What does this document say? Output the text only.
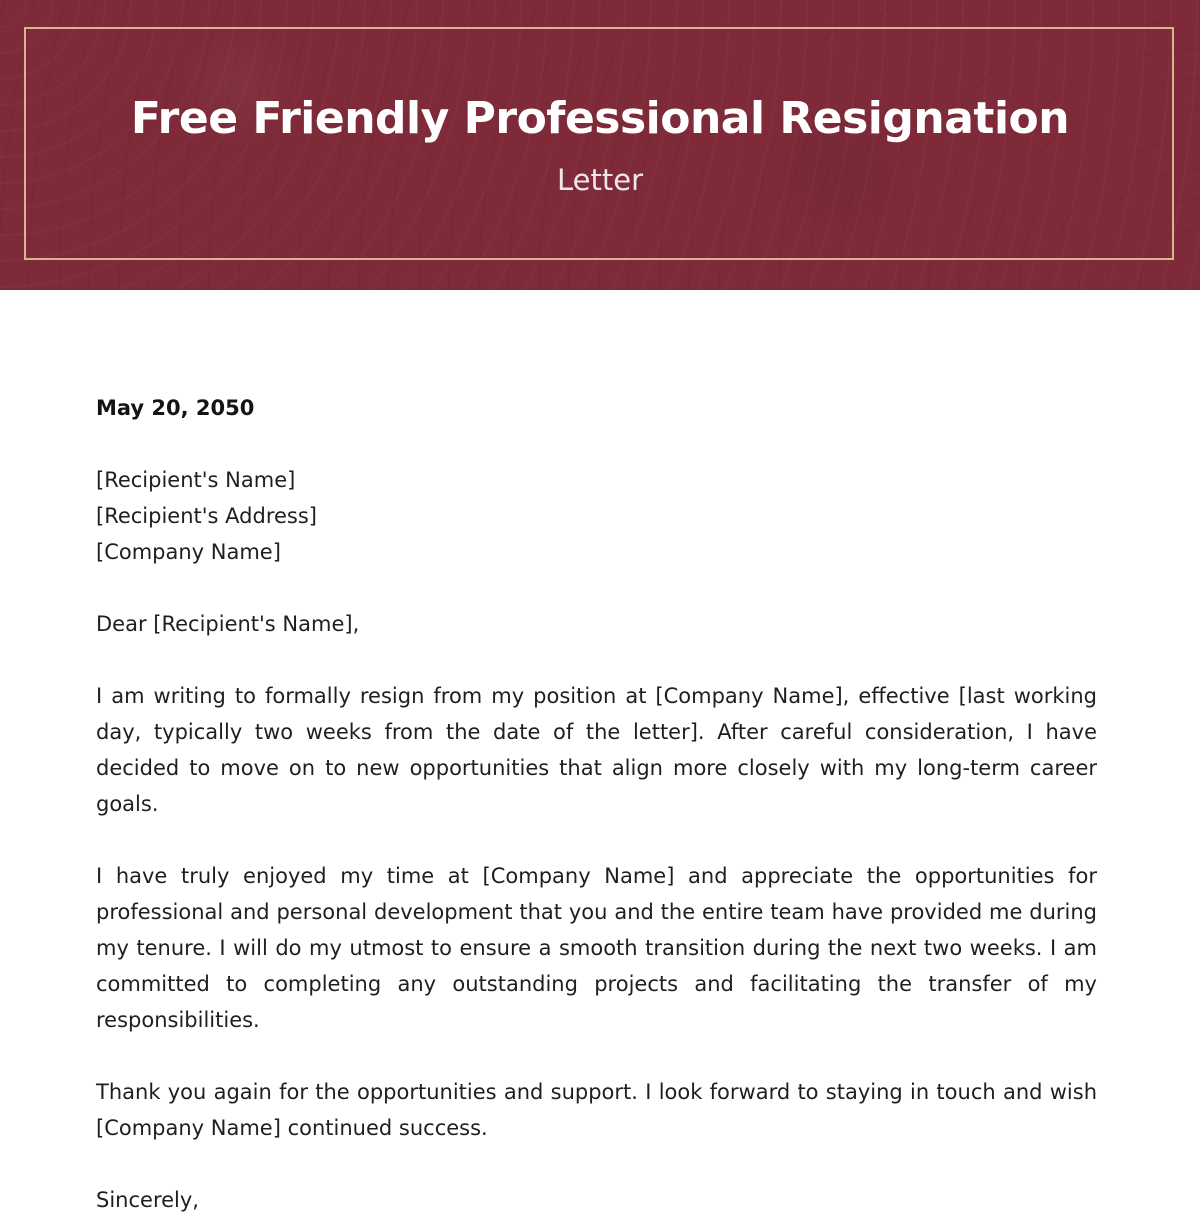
Free Friendly Professional Resignation
Letter

May 20, 2050

[Recipient's Name]
[Recipient's Address]
[Company Name]

Dear [Recipient's Name],

I am writing to formally resign from my position at [Company Name], effective [last working day, typically two weeks from the date of the letter]. After careful consideration, I have decided to move on to new opportunities that align more closely with my long-term career goals.

I have truly enjoyed my time at [Company Name] and appreciate the opportunities for professional and personal development that you and the entire team have provided me during my tenure. I will do my utmost to ensure a smooth transition during the next two weeks. I am committed to completing any outstanding projects and facilitating the transfer of my responsibilities.

Thank you again for the opportunities and support. I look forward to staying in touch and wish [Company Name] continued success.

Sincerely,
